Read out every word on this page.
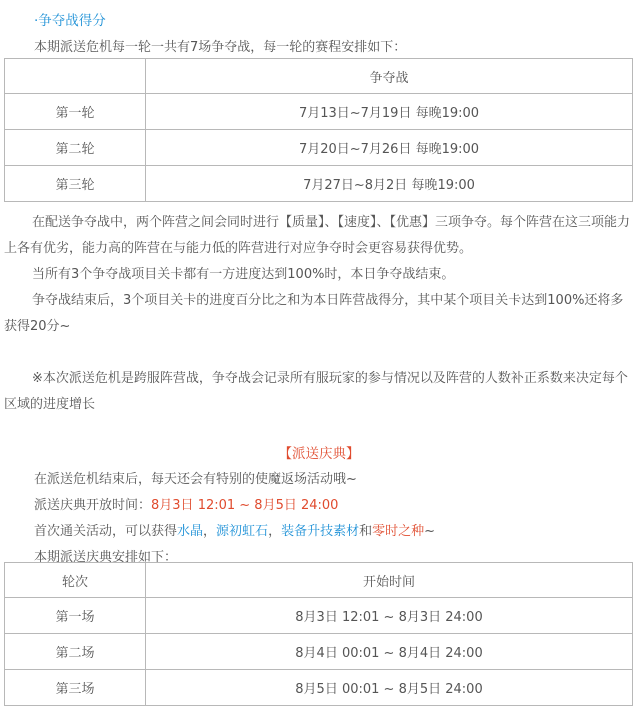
·争夺战得分
本期派送危机每一轮一共有7场争夺战，每一轮的赛程安排如下：
	争夺战
第一轮	7月13日~7月19日 每晚19:00
第二轮	7月20日~7月26日 每晚19:00
第三轮	7月27日~8月2日 每晚19:00
在配送争夺战中，两个阵营之间会同时进行【质量】、【速度】、【优惠】三项争夺。每个阵营在这三项能力上各有优劣，能力高的阵营在与能力低的阵营进行对应争夺时会更容易获得优势。
当所有3个争夺战项目关卡都有一方进度达到100%时，本日争夺战结束。
争夺战结束后，3个项目关卡的进度百分比之和为本日阵营战得分，其中某个项目关卡达到100%还将多获得20分~
※本次派送危机是跨服阵营战，争夺战会记录所有服玩家的参与情况以及阵营的人数补正系数来决定每个区域的进度增长
【派送庆典】
在派送危机结束后，每天还会有特别的使魔返场活动哦~
派送庆典开放时间：8月3日 12:01 ~ 8月5日 24:00
首次通关活动，可以获得水晶，源初虹石，装备升技素材和零时之种~
本期派送庆典安排如下：
轮次	开始时间
第一场	8月3日 12:01 ~ 8月3日 24:00
第二场	8月4日 00:01 ~ 8月4日 24:00
第三场	8月5日 00:01 ~ 8月5日 24:00
